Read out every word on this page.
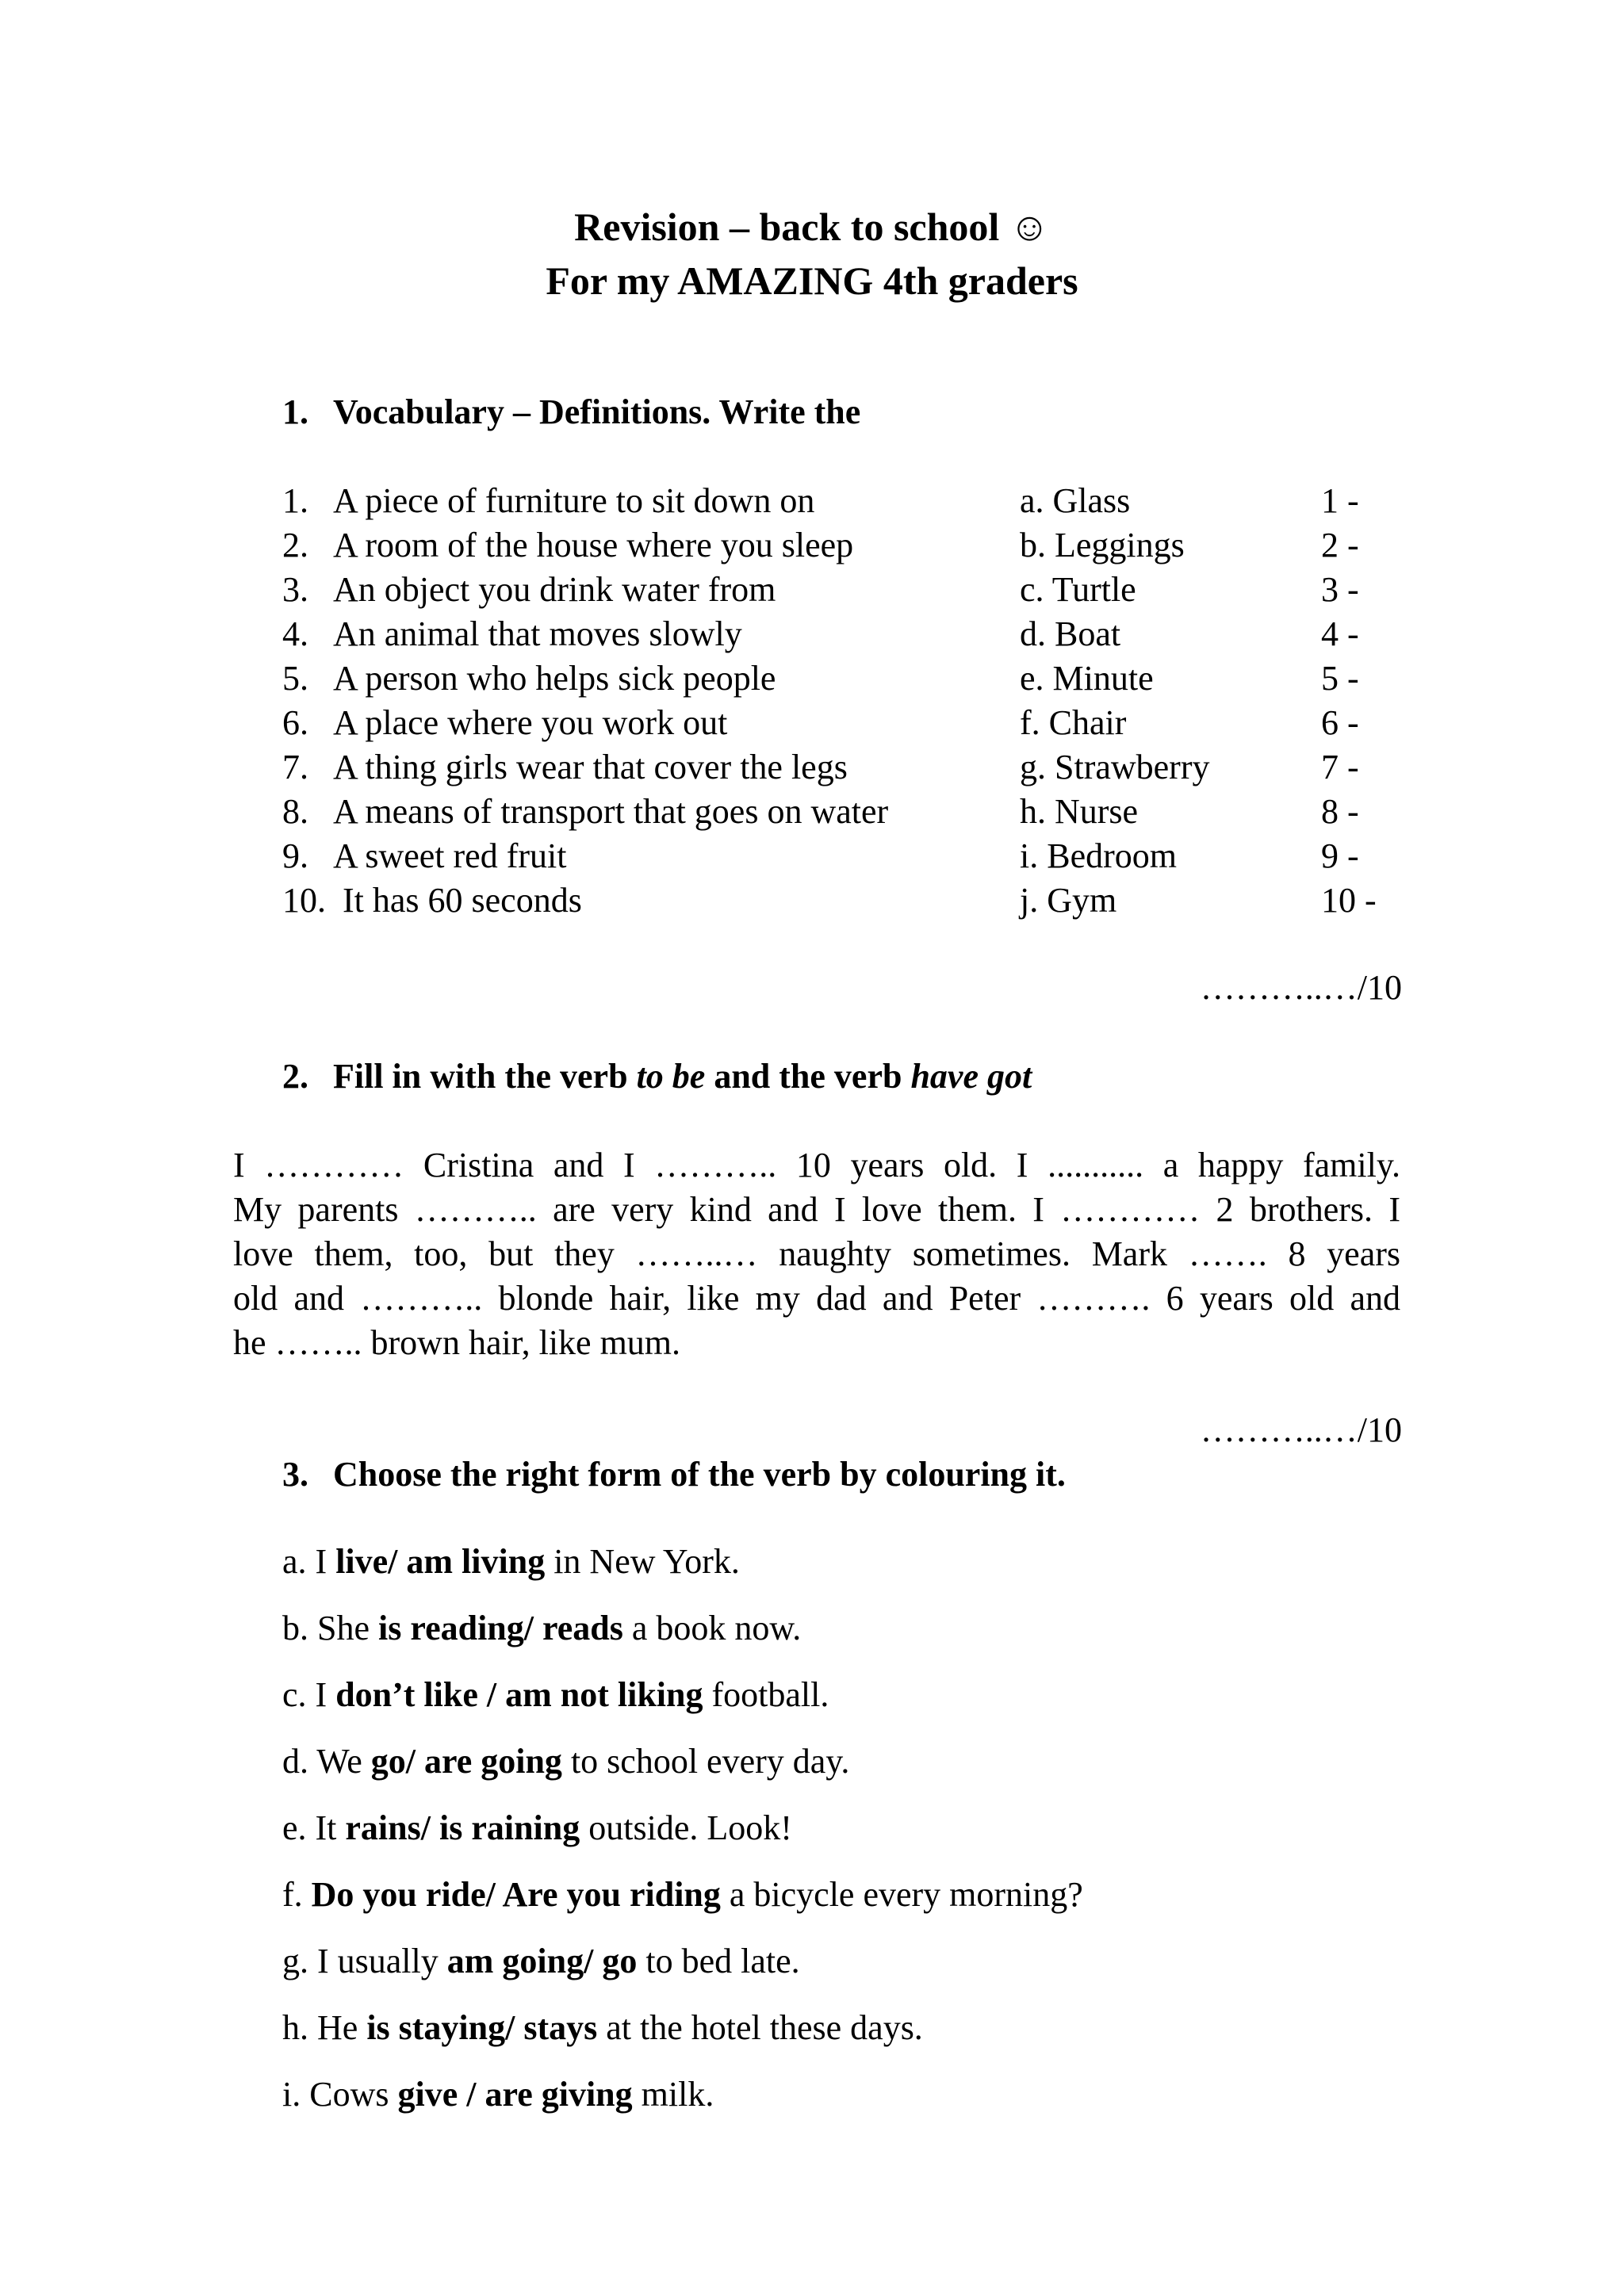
Revision – back to school ☺
For my AMAZING 4th graders
1. Vocabulary – Definitions. Write the
1. A piece of furniture to sit down on	a. Glass	1 -
2. A room of the house where you sleep	b. Leggings	2 -
3. An object you drink water from	c. Turtle	3 -
4. An animal that moves slowly	d. Boat	4 -
5. A person who helps sick people	e. Minute	5 -
6. A place where you work out	f. Chair	6 -
7. A thing girls wear that cover the legs	g. Strawberry	7 -
8. A means of transport that goes on water	h. Nurse	8 -
9. A sweet red fruit	i. Bedroom	9 -
10. It has 60 seconds	j. Gym	10 -
………..…/10
2. Fill in with the verb to be and the verb have got
I ………… Cristina and I ……….. 10 years old. I ........... a happy family.
My parents ……….. are very kind and I love them. I ………… 2 brothers. I
love them, too, but they ……..… naughty sometimes. Mark ……. 8 years
old and ……….. blonde hair, like my dad and Peter ………. 6 years old and
he …….. brown hair, like mum.
………..…/10
3. Choose the right form of the verb by colouring it.
a. I live/ am living in New York.
b. She is reading/ reads a book now.
c. I don’t like / am not liking football.
d. We go/ are going to school every day.
e. It rains/ is raining outside. Look!
f. Do you ride/ Are you riding a bicycle every morning?
g. I usually am going/ go to bed late.
h. He is staying/ stays at the hotel these days.
i. Cows give / are giving milk.
